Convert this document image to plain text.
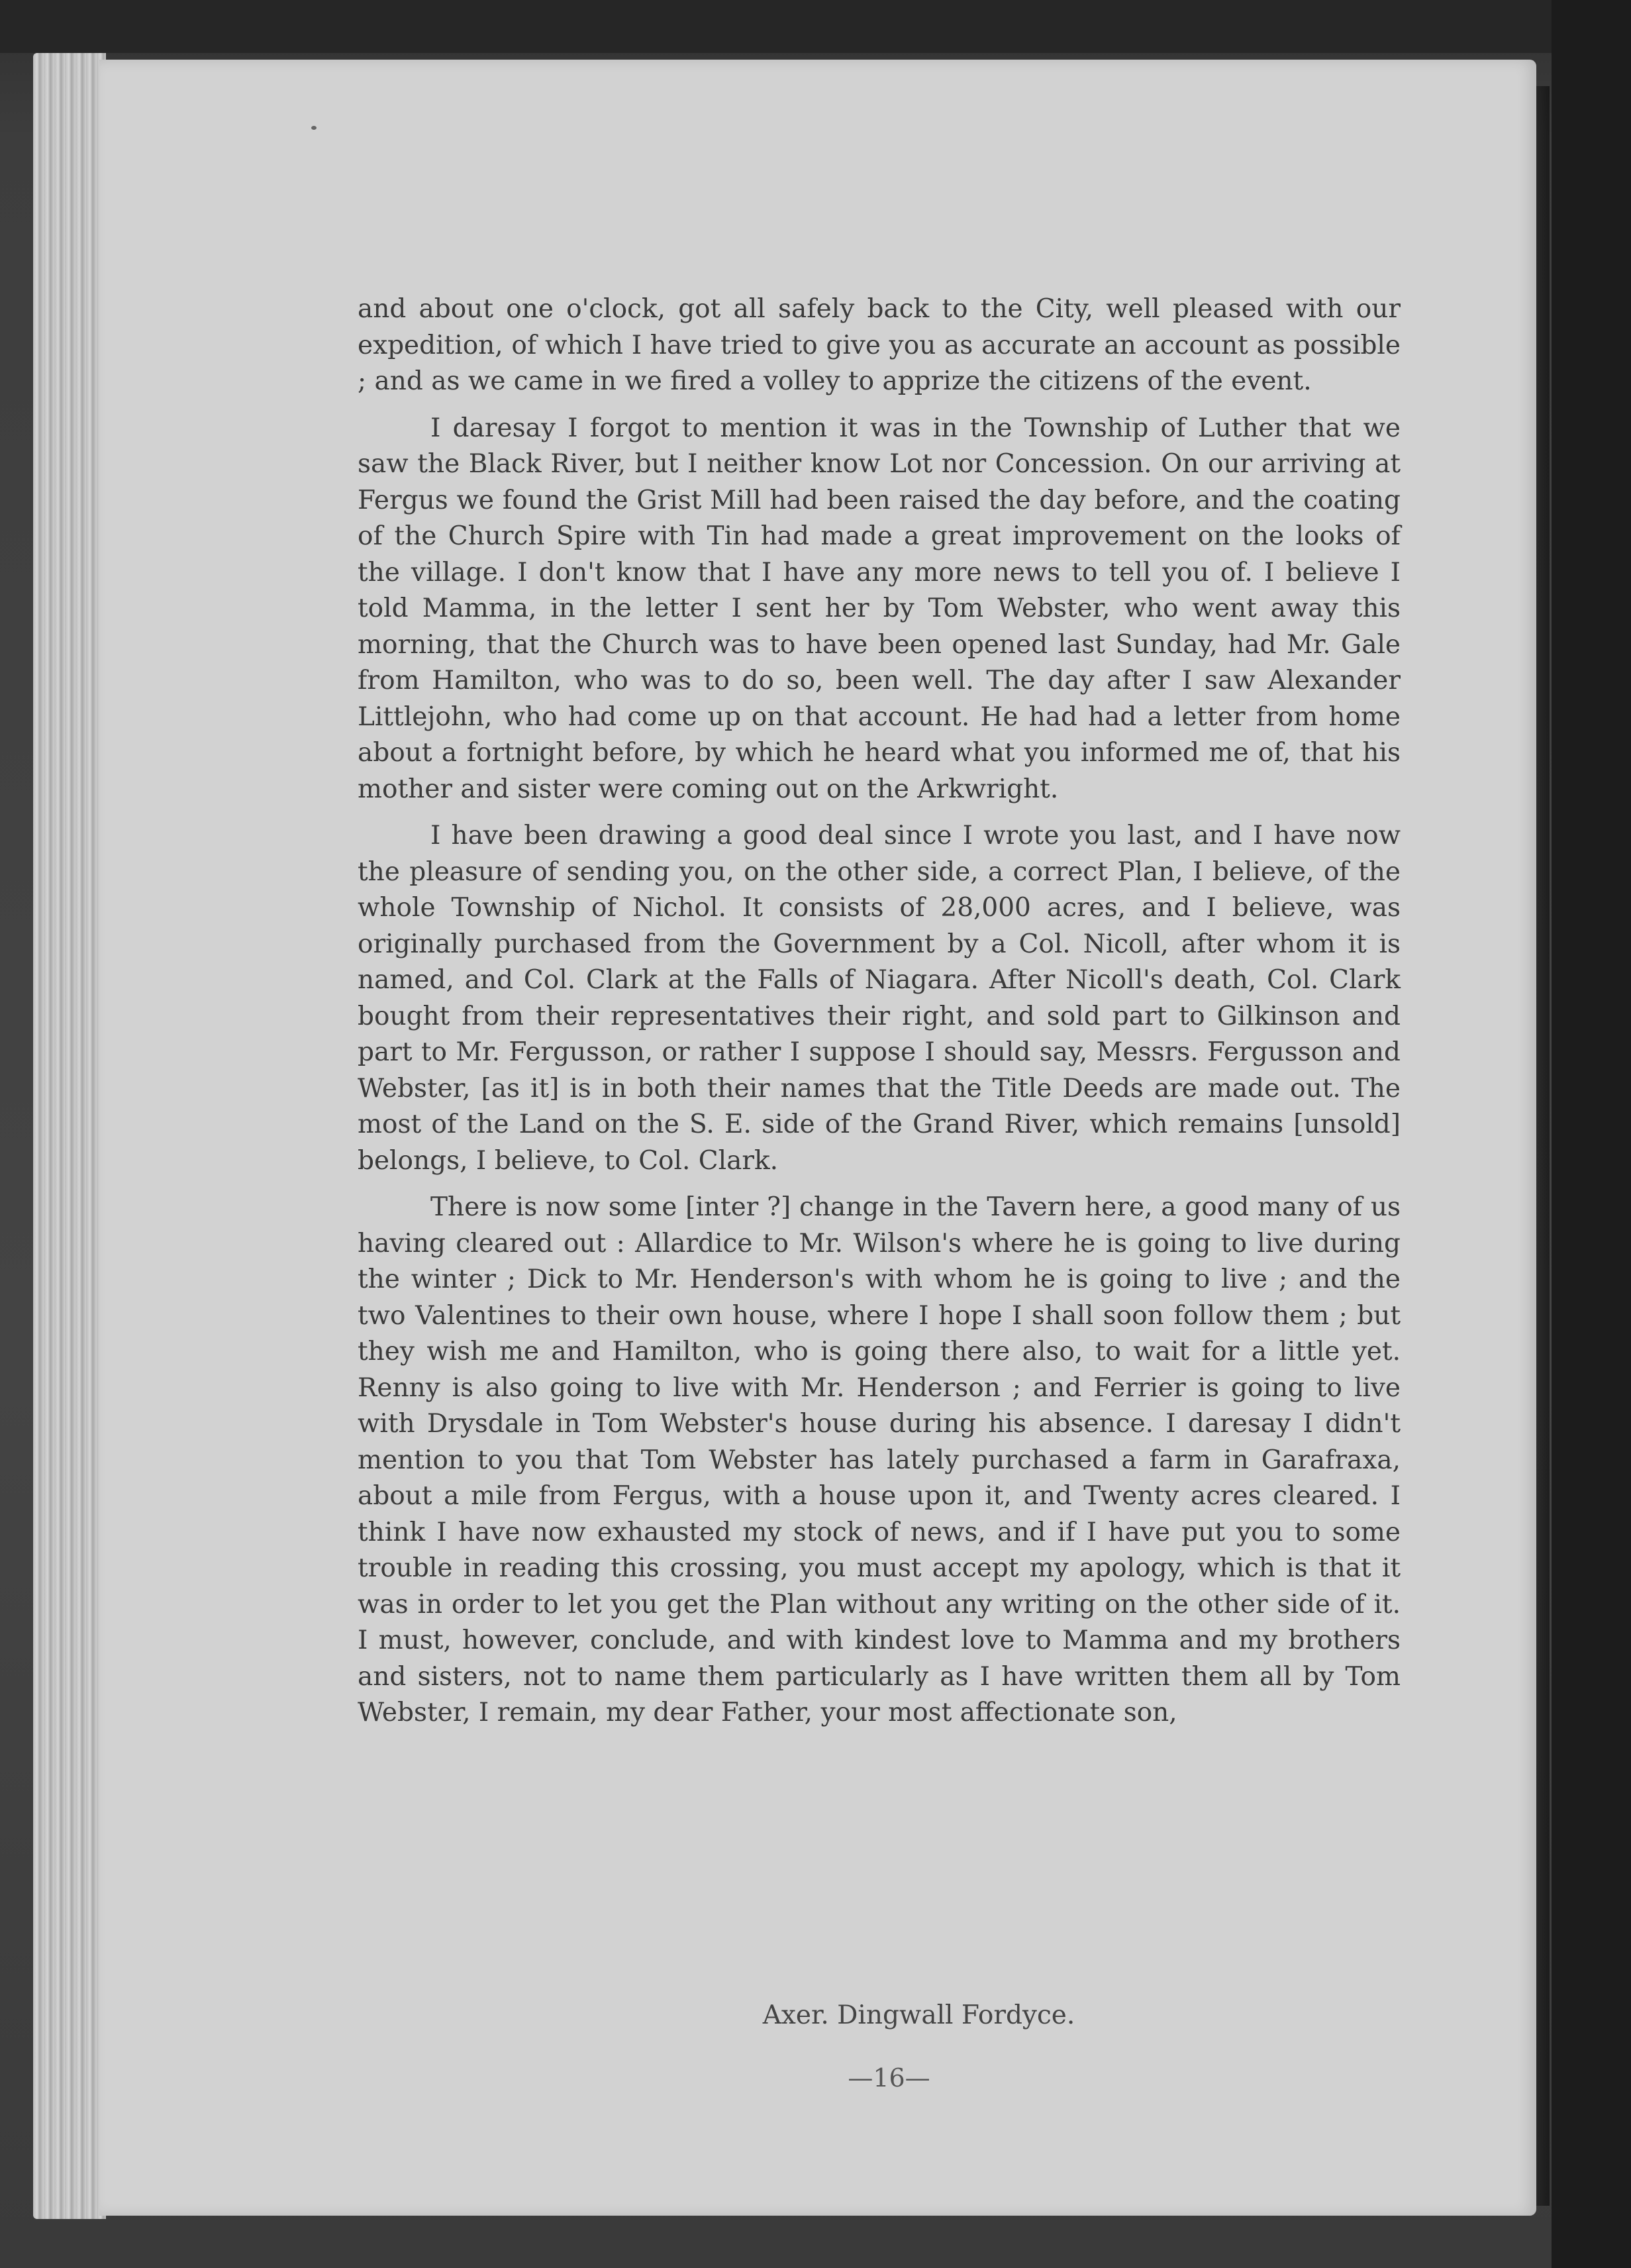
and about one o'clock, got all safely back to the City, well pleased with our expedition, of which I have tried to give you as accurate an account as possible ; and as we came in we fired a volley to apprize the citizens of the event.

I daresay I forgot to mention it was in the Township of Luther that we saw the Black River, but I neither know Lot nor Concession. On our arriving at Fergus we found the Grist Mill had been raised the day before, and the coating of the Church Spire with Tin had made a great improvement on the looks of the village. I don't know that I have any more news to tell you of. I believe I told Mamma, in the letter I sent her by Tom Webster, who went away this morning, that the Church was to have been opened last Sunday, had Mr. Gale from Hamilton, who was to do so, been well. The day after I saw Alexander Littlejohn, who had come up on that account. He had had a letter from home about a fortnight before, by which he heard what you informed me of, that his mother and sister were coming out on the Arkwright.

I have been drawing a good deal since I wrote you last, and I have now the pleasure of sending you, on the other side, a correct Plan, I believe, of the whole Township of Nichol. It consists of 28,000 acres, and I believe, was originally purchased from the Government by a Col. Nicoll, after whom it is named, and Col. Clark at the Falls of Niagara. After Nicoll's death, Col. Clark bought from their representatives their right, and sold part to Gilkinson and part to Mr. Fergusson, or rather I suppose I should say, Messrs. Fergusson and Webster, [as it] is in both their names that the Title Deeds are made out. The most of the Land on the S. E. side of the Grand River, which remains [unsold] belongs, I believe, to Col. Clark.

There is now some [inter ?] change in the Tavern here, a good many of us having cleared out : Allardice to Mr. Wilson's where he is going to live during the winter ; Dick to Mr. Henderson's with whom he is going to live ; and the two Valentines to their own house, where I hope I shall soon follow them ; but they wish me and Hamilton, who is going there also, to wait for a little yet. Renny is also going to live with Mr. Henderson ; and Ferrier is going to live with Drysdale in Tom Webster's house during his absence. I daresay I didn't mention to you that Tom Webster has lately purchased a farm in Garafraxa, about a mile from Fergus, with a house upon it, and Twenty acres cleared. I think I have now exhausted my stock of news, and if I have put you to some trouble in reading this crossing, you must accept my apology, which is that it was in order to let you get the Plan without any writing on the other side of it. I must, however, conclude, and with kindest love to Mamma and my brothers and sisters, not to name them particularly as I have written them all by Tom Webster, I remain, my dear Father, your most affectionate son,

Axer. Dingwall Fordyce.
—16—
